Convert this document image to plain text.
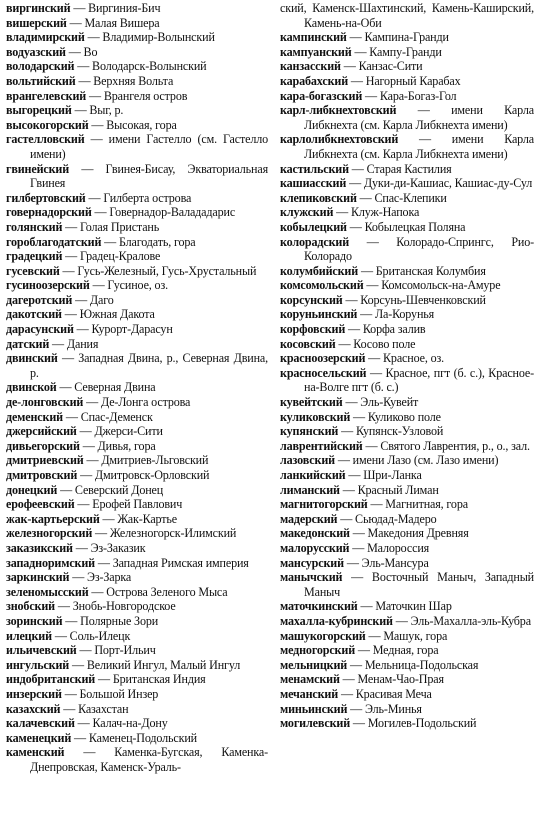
виргинский — Виргиния-Бич

вишерский — Малая Вишера

владимирский — Владимир-Волынский

водуазский — Во

володарский — Володарск-Волынский

вольтийский — Верхняя Вольта

врангелевский — Врангеля остров

выгорецкий — Выг, р.

высокогорский — Высокая, гора

гастелловский — имени Гастелло (см. Гастелло имени)

гвинейский — Гвинея-Бисау, Экваториальная Гвинея

гилбертовский — Гилберта острова

говернадорский — Говернадор-Валададарис

голянский — Голая Пристань

гороблагодатский — Благодать, гора

градецкий — Градец-Кралове

гусевский — Гусь-Железный, Гусь-Хрустальный

гусиноозерский — Гусиное, оз.

дагеротский — Даго

дакотский — Южная Дакота

дарасунский — Курорт-Дарасун

датский — Дания

двинский — Западная Двина, р., Северная Двина, р.

двинской — Северная Двина

де-лонговский — Де-Лонга острова

деменский — Спас-Деменск

джерсийский — Джерси-Сити

дивьегорский — Дивья, гора

дмитриевский — Дмитриев-Льговский

дмитровский — Дмитровск-Орловский

донецкий — Северский Донец

ерофеевский — Ерофей Павлович

жак-картьерский — Жак-Картье

железногорский — Железногорск-Илимский

заказикский — Эз-Заказик

западноримский — Западная Римская империя

заркинский — Эз-Зарка

зеленомысский — Острова Зеленого Мыса

знобский — Знобь-Новгородское

зоринский — Полярные Зори

илецкий — Соль-Илецк

ильичевский — Порт-Ильич

ингульский — Великий Ингул, Малый Ингул

индобританский — Британская Индия

инзерский — Большой Инзер

казахский — Казахстан

калачевский — Калач-на-Дону

каменецкий — Каменец-Подольский

каменский — Каменка-Бугская, Каменка-Днепровская, Каменск-Ураль-

ский, Каменск-Шахтинский, Камень-Каширский, Камень-на-Оби

кампинский — Кампина-Гранди

кампуанский — Кампу-Гранди

канзасский — Канзас-Сити

карабахский — Нагорный Карабах

кара-богазский — Кара-Богаз-Гол

карл-либкнехтовский — имени Карла Либкнехта (см. Карла Либкнехта имени)

карлолибкнехтовский — имени Карла Либкнехта (см. Карла Либкнехта имени)

кастильский — Старая Кастилия

кашиасский — Дуки-ди-Кашиас, Кашиас-ду-Сул

клепиковский — Спас-Клепики

клужский — Клуж-Напока

кобылецкий — Кобылецкая Поляна

колорадский — Колорадо-Спрингс, Рио-Колорадо

колумбийский — Британская Колумбия

комсомольский — Комсомольск-на-Амуре

корсунский — Корсунь-Шевченковский

коруньинский — Ла-Корунья

корфовский — Корфа залив

косовский — Косово поле

красноозерский — Красное, оз.

красносельский — Красное, пгт (б. с.), Красное-на-Волге пгт (б. с.)

кувейтский — Эль-Кувейт

куликовский — Куликово поле

купянский — Купянск-Узловой

лаврентийский — Святого Лаврентия, р., о., зал.

лазовский — имени Лазо (см. Лазо имени)

ланкийский — Шри-Ланка

лиманский — Красный Лиман

магнитогорский — Магнитная, гора

мадерский — Сьюдад-Мадеро

македонский — Македония Древняя

малорусский — Малороссия

мансурский — Эль-Мансура

манычский — Восточный Маныч, Западный Маныч

маточкинский — Маточкин Шар

махалла-кубринский — Эль-Махалла-эль-Кубра

машукогорский — Машук, гора

медногорский — Медная, гора

мельницкий — Мельница-Подольская

менамский — Менам-Чао-Прая

мечанский — Красивая Меча

миньинский — Эль-Минья

могилевский — Могилев-Подольский
